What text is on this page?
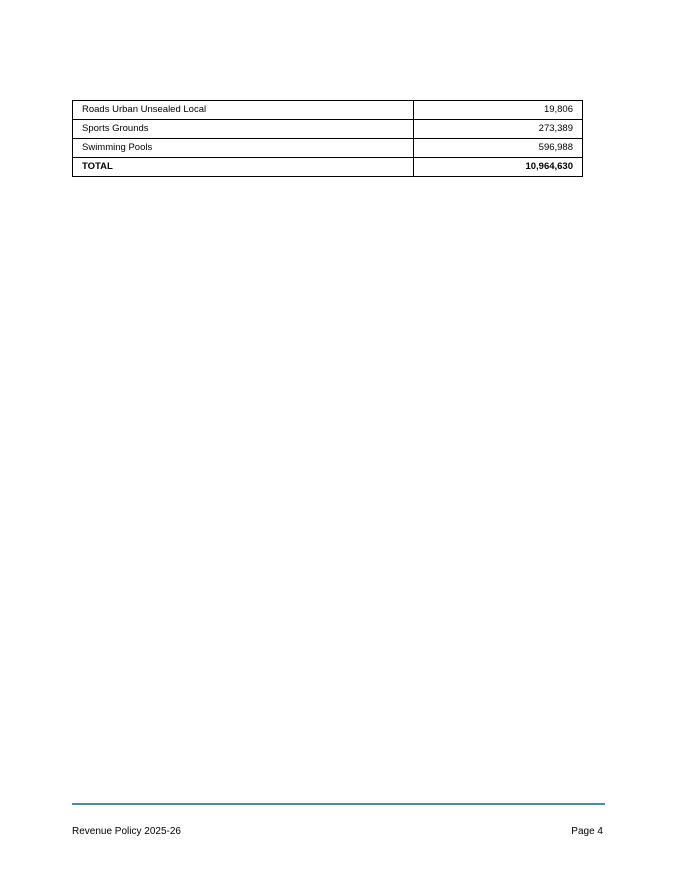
Roads Urban Unsealed Local	19,806
Sports Grounds	273,389
Swimming Pools	596,988
TOTAL	10,964,630
Revenue Policy 2025-26	Page 4
